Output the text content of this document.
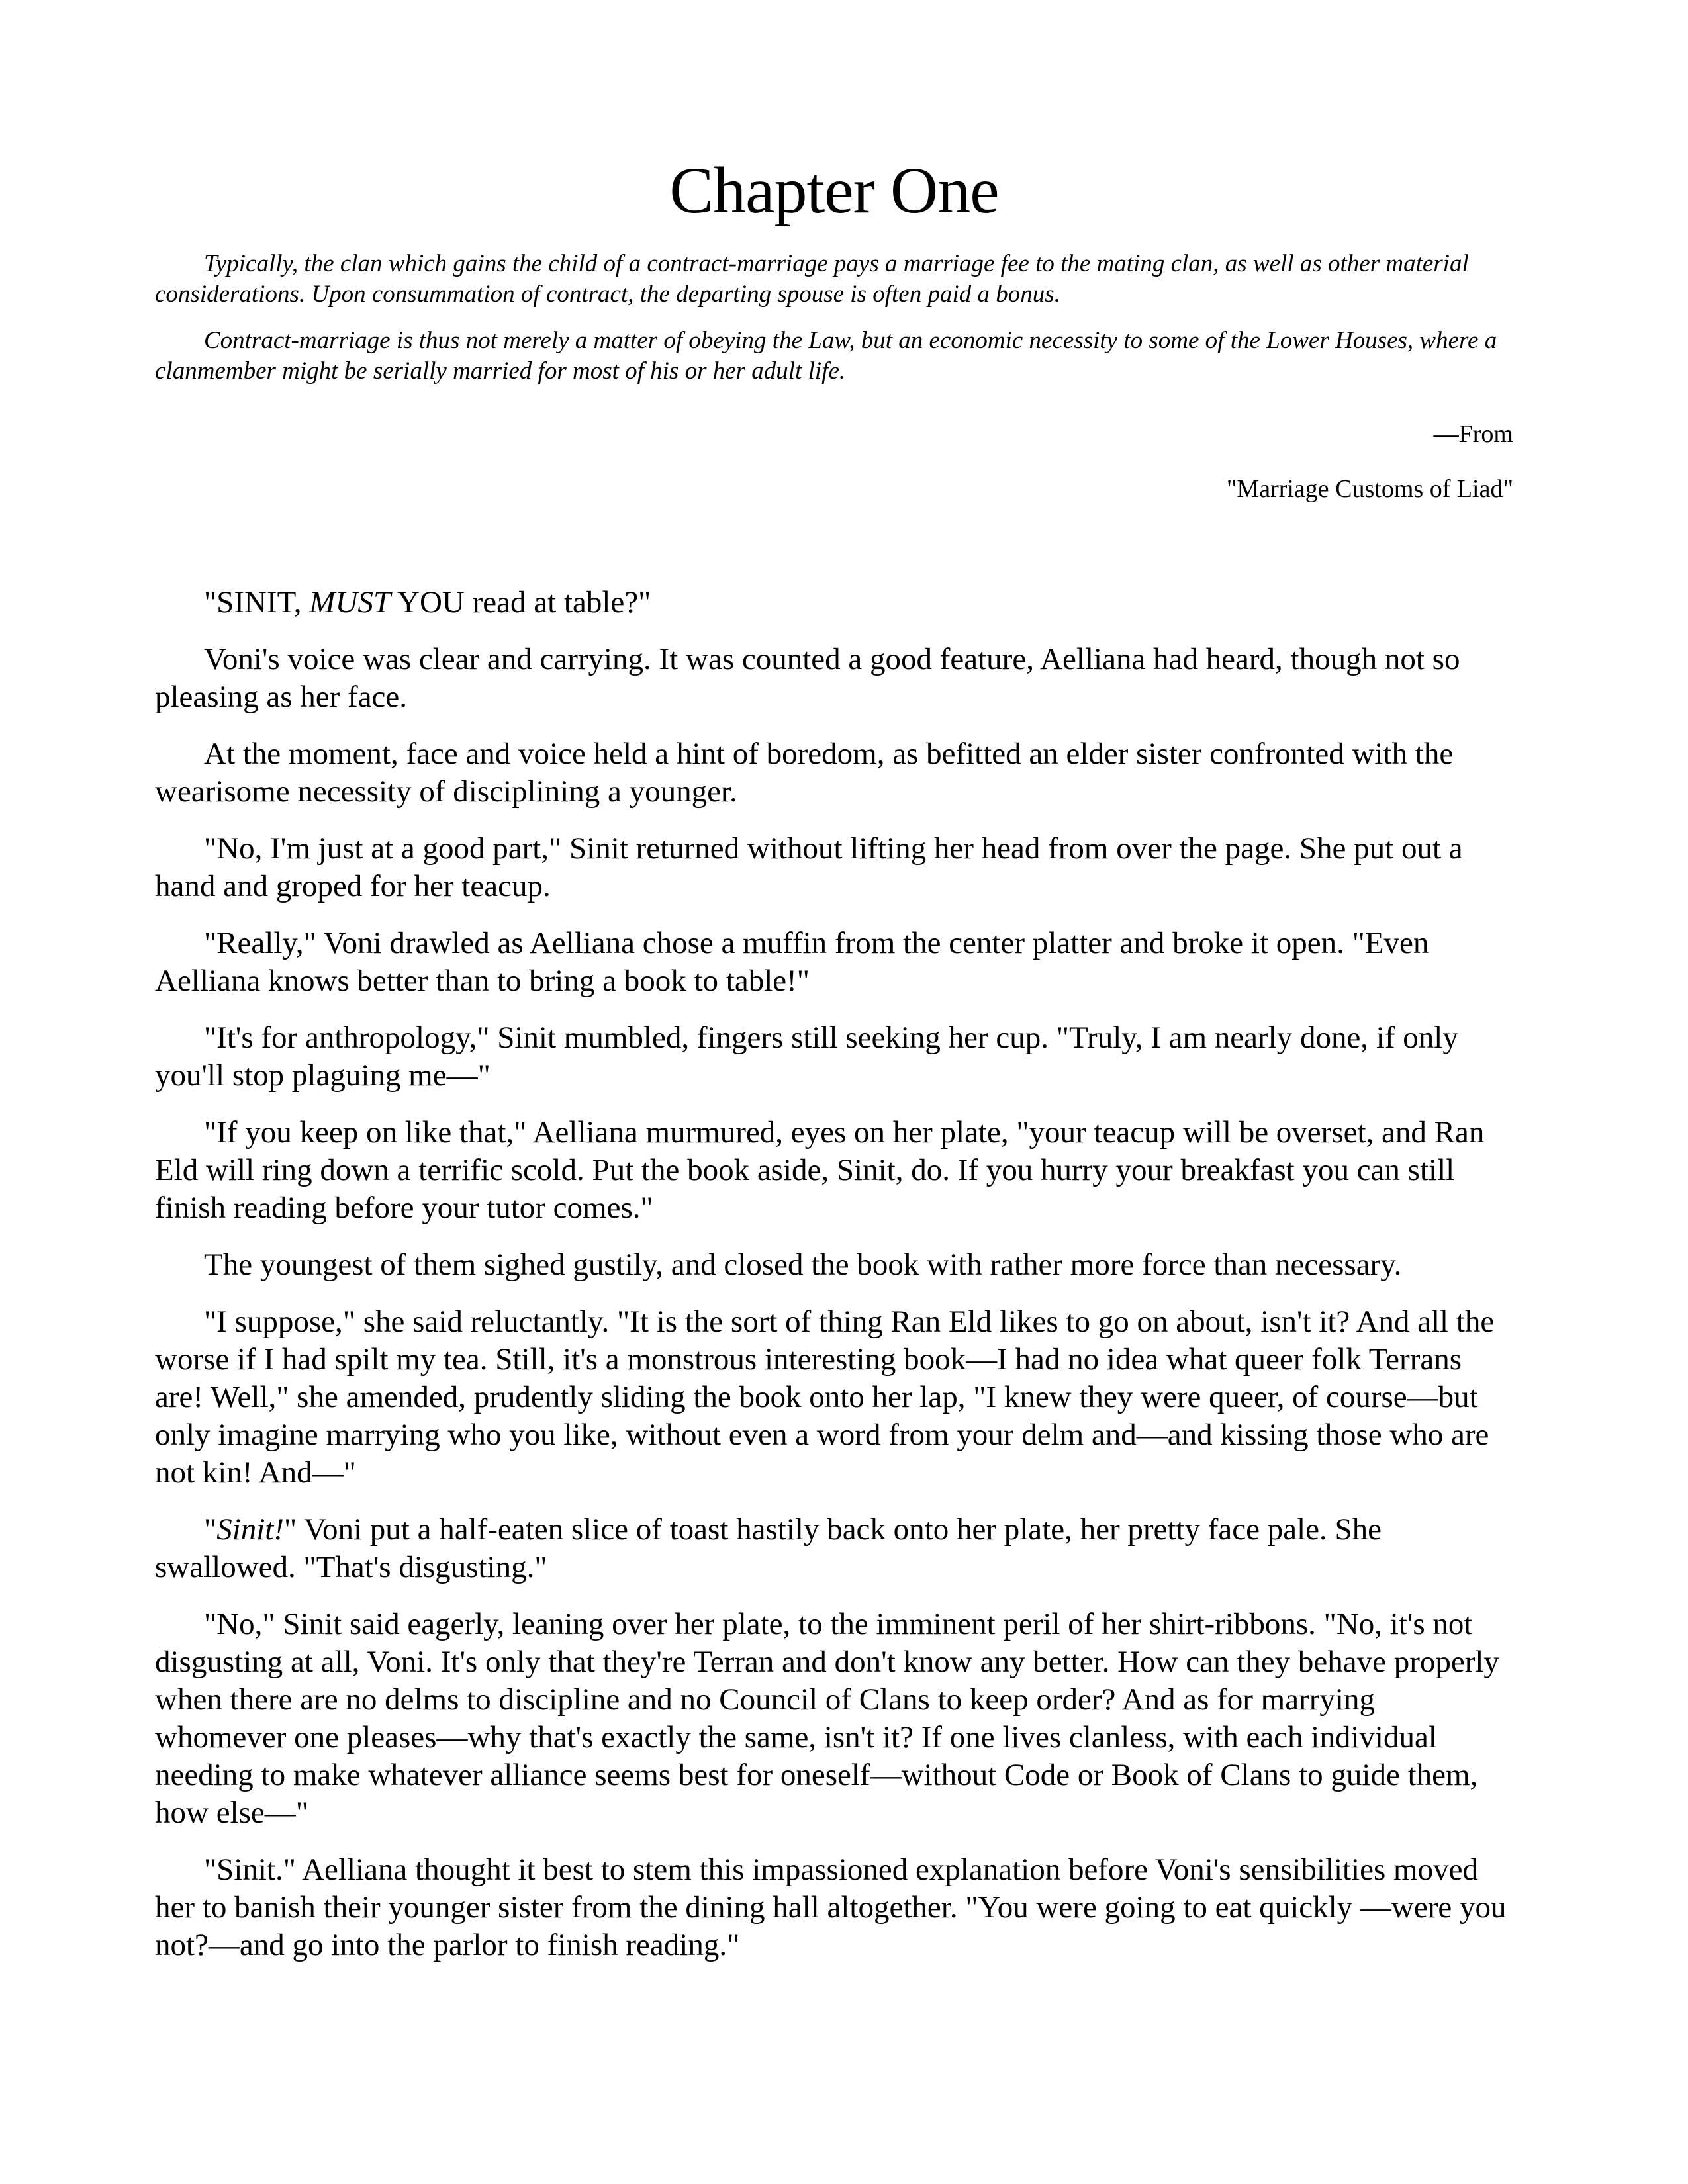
Chapter One

Typically, the clan which gains the child of a contract-marriage pays a marriage fee to the mating clan, as well as other material considerations. Upon consummation of contract, the departing spouse is often paid a bonus.

Contract-marriage is thus not merely a matter of obeying the Law, but an economic necessity to some of the Lower Houses, where a clanmember might be serially married for most of his or her adult life.

—From
"Marriage Customs of Liad"

"SINIT, MUST YOU read at table?"

Voni's voice was clear and carrying. It was counted a good feature, Aelliana had heard, though not so pleasing as her face.

At the moment, face and voice held a hint of boredom, as befitted an elder sister confronted with the wearisome necessity of disciplining a younger.

"No, I'm just at a good part," Sinit returned without lifting her head from over the page. She put out a hand and groped for her teacup.

"Really," Voni drawled as Aelliana chose a muffin from the center platter and broke it open. "Even Aelliana knows better than to bring a book to table!"

"It's for anthropology," Sinit mumbled, fingers still seeking her cup. "Truly, I am nearly done, if only you'll stop plaguing me—"

"If you keep on like that," Aelliana murmured, eyes on her plate, "your teacup will be overset, and Ran Eld will ring down a terrific scold. Put the book aside, Sinit, do. If you hurry your breakfast you can still finish reading before your tutor comes."

The youngest of them sighed gustily, and closed the book with rather more force than necessary.

"I suppose," she said reluctantly. "It is the sort of thing Ran Eld likes to go on about, isn't it? And all the worse if I had spilt my tea. Still, it's a monstrous interesting book—I had no idea what queer folk Terrans are! Well," she amended, prudently sliding the book onto her lap, "I knew they were queer, of course—but only imagine marrying who you like, without even a word from your delm and—and kissing those who are not kin! And—"

"Sinit!" Voni put a half-eaten slice of toast hastily back onto her plate, her pretty face pale. She swallowed. "That's disgusting."

"No," Sinit said eagerly, leaning over her plate, to the imminent peril of her shirt-ribbons. "No, it's not disgusting at all, Voni. It's only that they're Terran and don't know any better. How can they behave properly when there are no delms to discipline and no Council of Clans to keep order? And as for marrying whomever one pleases—why that's exactly the same, isn't it? If one lives clanless, with each individual needing to make whatever alliance seems best for oneself—without Code or Book of Clans to guide them, how else—"

"Sinit." Aelliana thought it best to stem this impassioned explanation before Voni's sensibilities moved her to banish their younger sister from the dining hall altogether. "You were going to eat quickly —were you not?—and go into the parlor to finish reading."
